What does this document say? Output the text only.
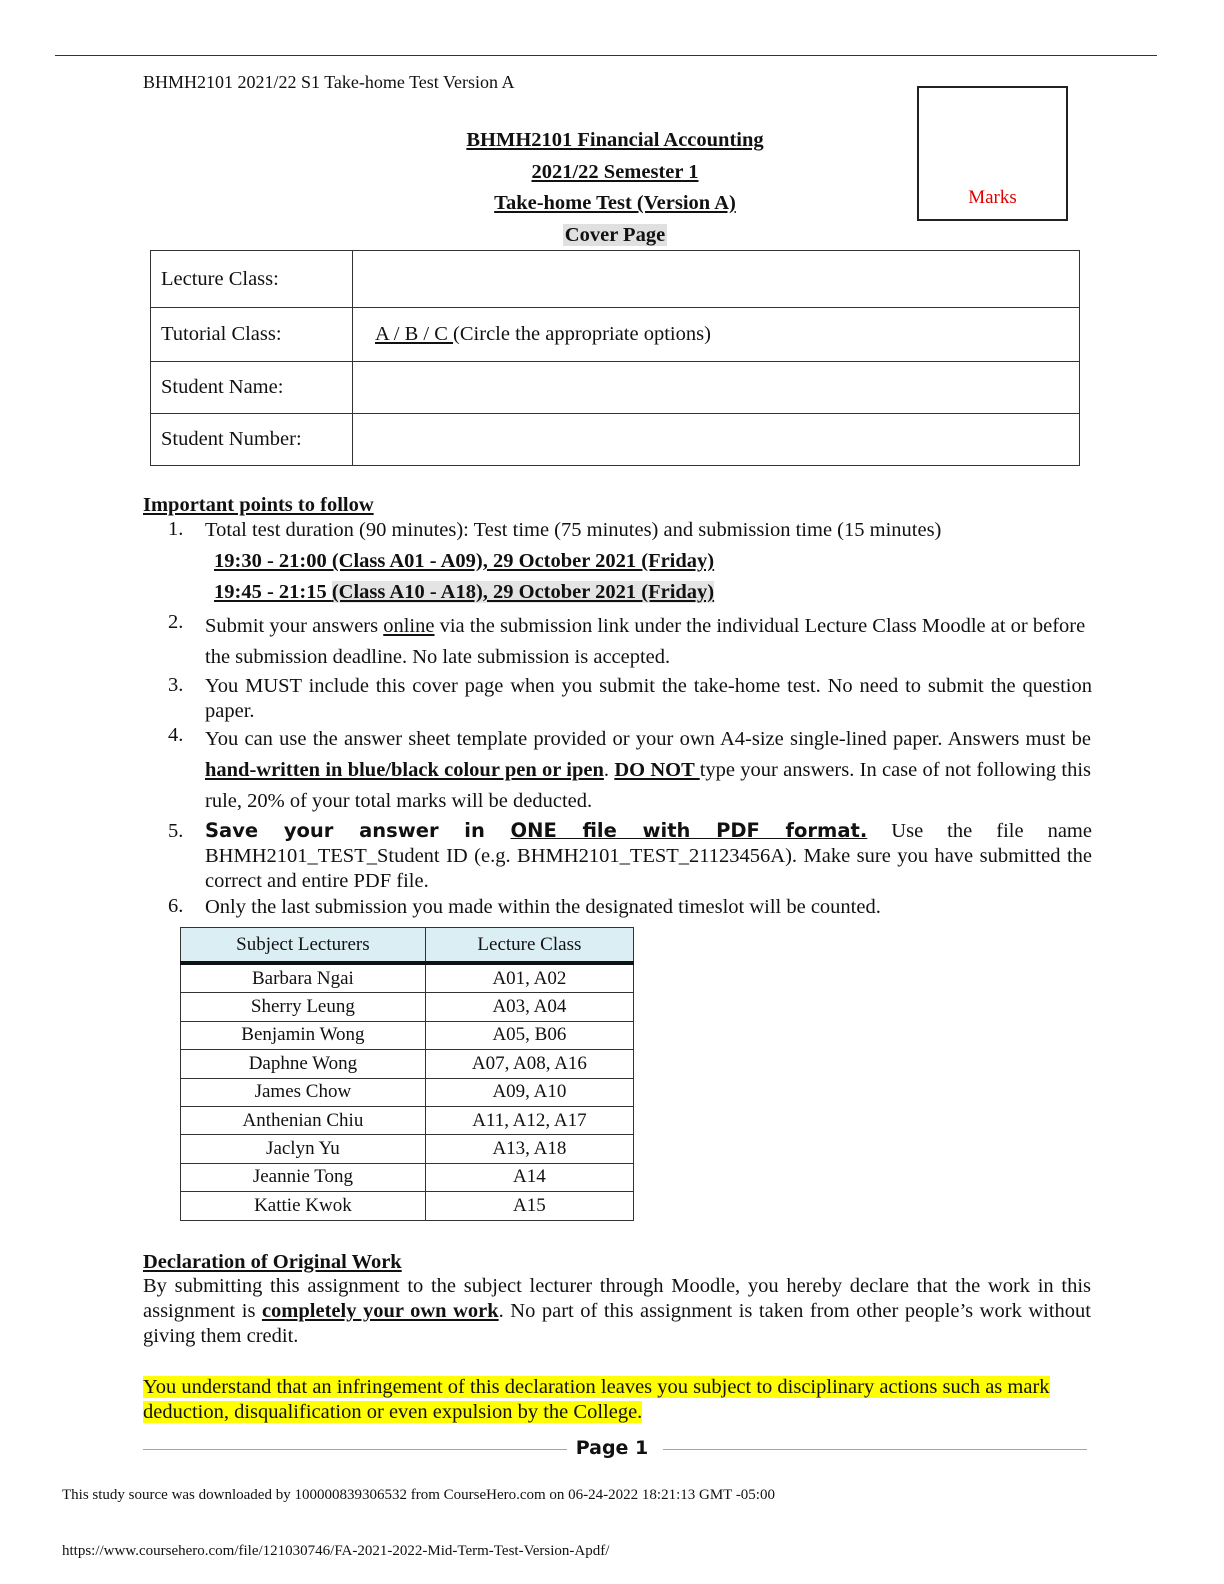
BHMH2101 2021/22 S1 Take-home Test Version A
Marks
BHMH2101 Financial Accounting
2021/22 Semester 1
Take-home Test (Version A)
Cover Page
Lecture Class:	
Tutorial Class:	A / B / C (Circle the appropriate options)
Student Name:	
Student Number:	
Important points to follow
1. Total test duration (90 minutes): Test time (75 minutes) and submission time (15 minutes)
19:30 - 21:00 (Class A01 - A09), 29 October 2021 (Friday)
19:45 - 21:15 (Class A10 - A18), 29 October 2021 (Friday)
2. Submit your answers online via the submission link under the individual Lecture Class Moodle at or before the submission deadline. No late submission is accepted.
3. You MUST include this cover page when you submit the take-home test. No need to submit the question paper.
4. You can use the answer sheet template provided or your own A4-size single-lined paper. Answers must be hand-written in blue/black colour pen or ipen. DO NOT type your answers. In case of not following this rule, 20% of your total marks will be deducted.
5. Save your answer in ONE file with PDF format. Use the file name BHMH2101_TEST_Student ID (e.g. BHMH2101_TEST_21123456A). Make sure you have submitted the correct and entire PDF file.
6. Only the last submission you made within the designated timeslot will be counted.
Subject Lecturers	Lecture Class
Barbara Ngai	A01, A02
Sherry Leung	A03, A04
Benjamin Wong	A05, B06
Daphne Wong	A07, A08, A16
James Chow	A09, A10
Anthenian Chiu	A11, A12, A17
Jaclyn Yu	A13, A18
Jeannie Tong	A14
Kattie Kwok	A15
Declaration of Original Work
By submitting this assignment to the subject lecturer through Moodle, you hereby declare that the work in this assignment is completely your own work. No part of this assignment is taken from other people’s work without giving them credit.
You understand that an infringement of this declaration leaves you subject to disciplinary actions such as mark deduction, disqualification or even expulsion by the College.
Page 1
This study source was downloaded by 100000839306532 from CourseHero.com on 06-24-2022 18:21:13 GMT -05:00
https://www.coursehero.com/file/121030746/FA-2021-2022-Mid-Term-Test-Version-Apdf/
